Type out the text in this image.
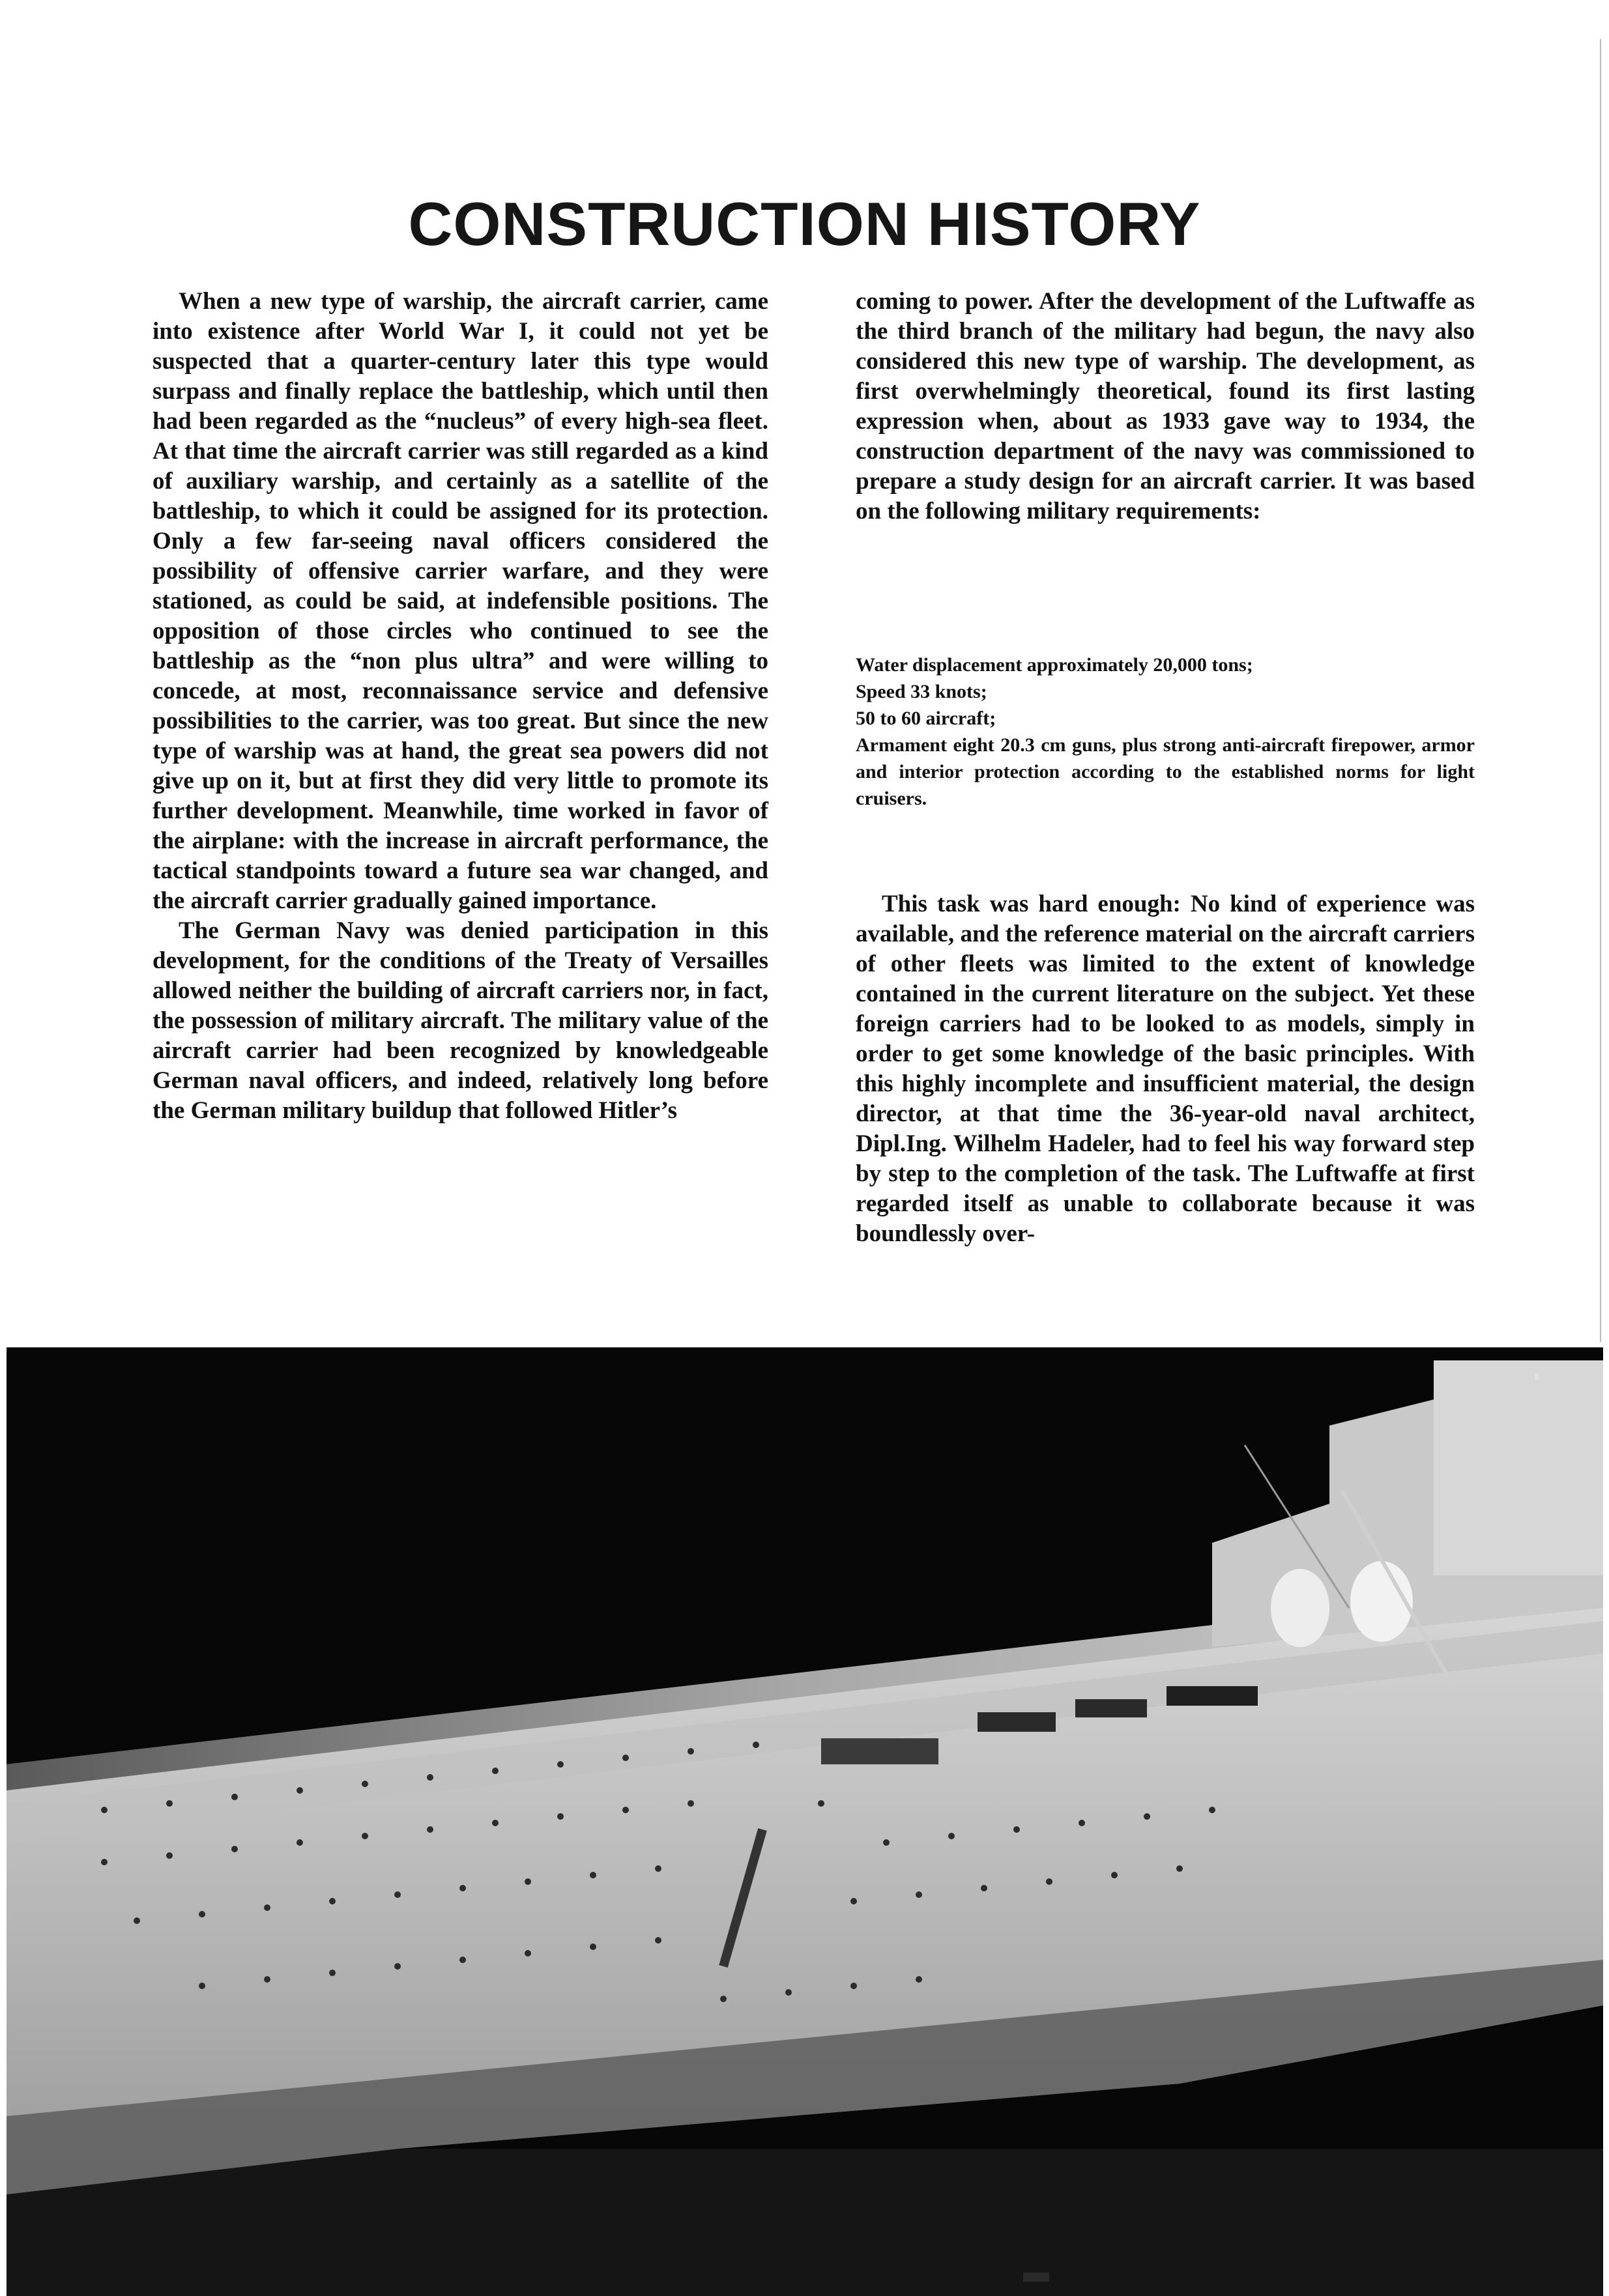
CONSTRUCTION HISTORY

When a new type of warship, the aircraft carrier, came into existence after World War I, it could not yet be suspected that a quarter-century later this type would surpass and finally replace the battleship, which until then had been regarded as the “nucleus” of every high-sea fleet. At that time the aircraft carrier was still regarded as a kind of auxiliary warship, and certainly as a satellite of the battleship, to which it could be assigned for its protection. Only a few far-seeing naval officers considered the possibility of offensive carrier warfare, and they were stationed, as could be said, at indefensible positions. The opposition of those circles who continued to see the battleship as the “non plus ultra” and were willing to concede, at most, reconnaissance service and defensive possibilities to the carrier, was too great. But since the new type of warship was at hand, the great sea powers did not give up on it, but at first they did very little to promote its further development. Meanwhile, time worked in favor of the airplane: with the increase in aircraft performance, the tactical standpoints toward a future sea war changed, and the aircraft carrier gradually gained importance.

The German Navy was denied participation in this development, for the conditions of the Treaty of Versailles allowed neither the building of aircraft carriers nor, in fact, the possession of military aircraft. The military value of the aircraft carrier had been recognized by knowledgeable German naval officers, and indeed, relatively long before the German military buildup that followed Hitler’s

coming to power. After the development of the Luftwaffe as the third branch of the military had begun, the navy also considered this new type of warship. The development, as first overwhelmingly theoretical, found its first lasting expression when, about as 1933 gave way to 1934, the construction department of the navy was commissioned to prepare a study design for an aircraft carrier. It was based on the following military requirements:

Water displacement approximately 20,000 tons;
Speed 33 knots;
50 to 60 aircraft;
Armament eight 20.3 cm guns, plus strong anti-aircraft firepower, armor and interior protection according to the established norms for light cruisers.

This task was hard enough: No kind of experience was available, and the reference material on the aircraft carriers of other fleets was limited to the extent of knowledge contained in the current literature on the subject. Yet these foreign carriers had to be looked to as models, simply in order to get some knowledge of the basic principles. With this highly incomplete and insufficient material, the design director, at that time the 36-year-old naval architect, Dipl.Ing. Wilhelm Hadeler, had to feel his way forward step by step to the completion of the task. The Luftwaffe at first regarded itself as unable to collaborate because it was boundlessly over-
